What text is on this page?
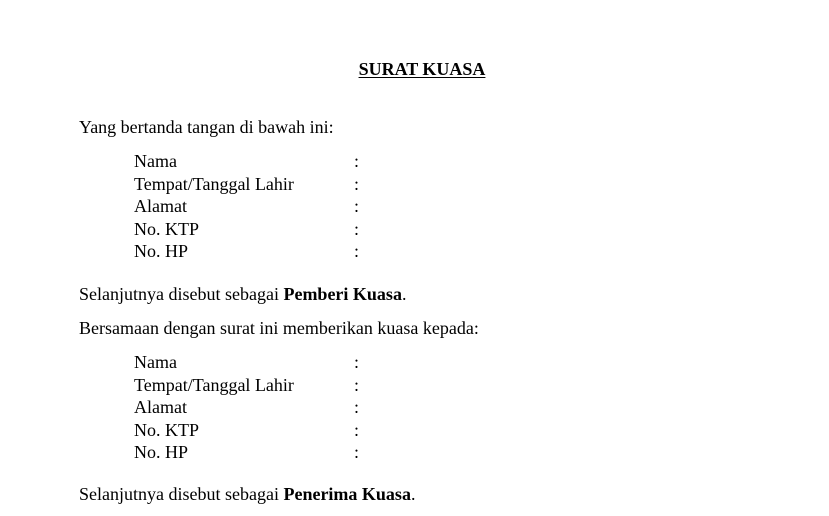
SURAT KUASA
Yang bertanda tangan di bawah ini:
Nama	:
Tempat/Tanggal Lahir	:
Alamat	:
No. KTP	:
No. HP	:
Selanjutnya disebut sebagai Pemberi Kuasa.
Bersamaan dengan surat ini memberikan kuasa kepada:
Nama	:
Tempat/Tanggal Lahir	:
Alamat	:
No. KTP	:
No. HP	:
Selanjutnya disebut sebagai Penerima Kuasa.
